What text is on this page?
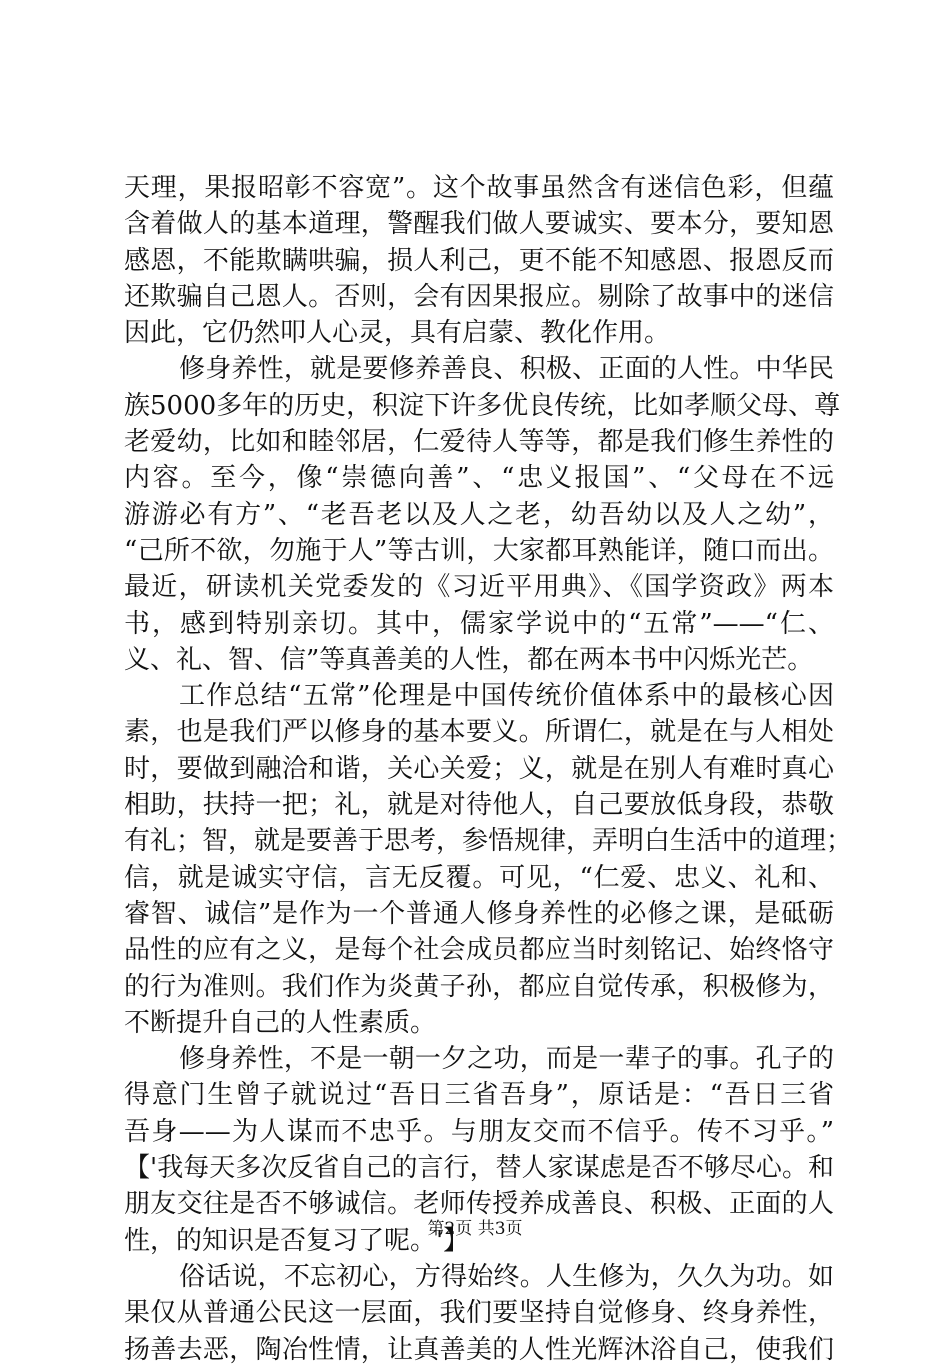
天理，果报昭彰不容宽”。这个故事虽然含有迷信色彩，但蕴
含着做人的基本道理，警醒我们做人要诚实、要本分，要知恩
感恩，不能欺瞒哄骗，损人利己，更不能不知感恩、报恩反而
还欺骗自己恩人。否则，会有因果报应。剔除了故事中的迷信
因此，它仍然叩人心灵，具有启蒙、教化作用。
修身养性，就是要修养善良、积极、正面的人性。中华民
族5000多年的历史，积淀下许多优良传统，比如孝顺父母、尊
老爱幼，比如和睦邻居，仁爱待人等等，都是我们修生养性的
内容。至今，像“崇德向善”、“忠义报国”、“父母在不远
游游必有方”、“老吾老以及人之老，幼吾幼以及人之幼”，
“己所不欲，勿施于人”等古训，大家都耳熟能详，随口而出。
最近，研读机关党委发的《习近平用典》、《国学资政》两本
书，感到特别亲切。其中，儒家学说中的“五常”——“仁、
义、礼、智、信”等真善美的人性，都在两本书中闪烁光芒。
工作总结“五常”伦理是中国传统价值体系中的最核心因
素，也是我们严以修身的基本要义。所谓仁，就是在与人相处
时，要做到融洽和谐，关心关爱；义，就是在别人有难时真心
相助，扶持一把；礼，就是对待他人，自己要放低身段，恭敬
有礼；智，就是要善于思考，参悟规律，弄明白生活中的道理；
信，就是诚实守信，言无反覆。可见，“仁爱、忠义、礼和、
睿智、诚信”是作为一个普通人修身养性的必修之课，是砥砺
品性的应有之义，是每个社会成员都应当时刻铭记、始终恪守
的行为准则。我们作为炎黄子孙，都应自觉传承，积极修为，
不断提升自己的人性素质。
修身养性，不是一朝一夕之功，而是一辈子的事。孔子的
得意门生曾子就说过“吾日三省吾身”，原话是：“吾日三省
吾身——为人谋而不忠乎。与朋友交而不信乎。传不习乎。”
【'我每天多次反省自己的言行，替人家谋虑是否不够尽心。和
朋友交往是否不够诚信。老师传授养成善良、积极、正面的人
性，的知识是否复习了呢。'】
俗话说，不忘初心，方得始终。人生修为，久久为功。如
果仅从普通公民这一层面，我们要坚持自觉修身、终身养性，
扬善去恶，陶冶性情，让真善美的人性光辉沐浴自己，使我们
第2页 共3页
